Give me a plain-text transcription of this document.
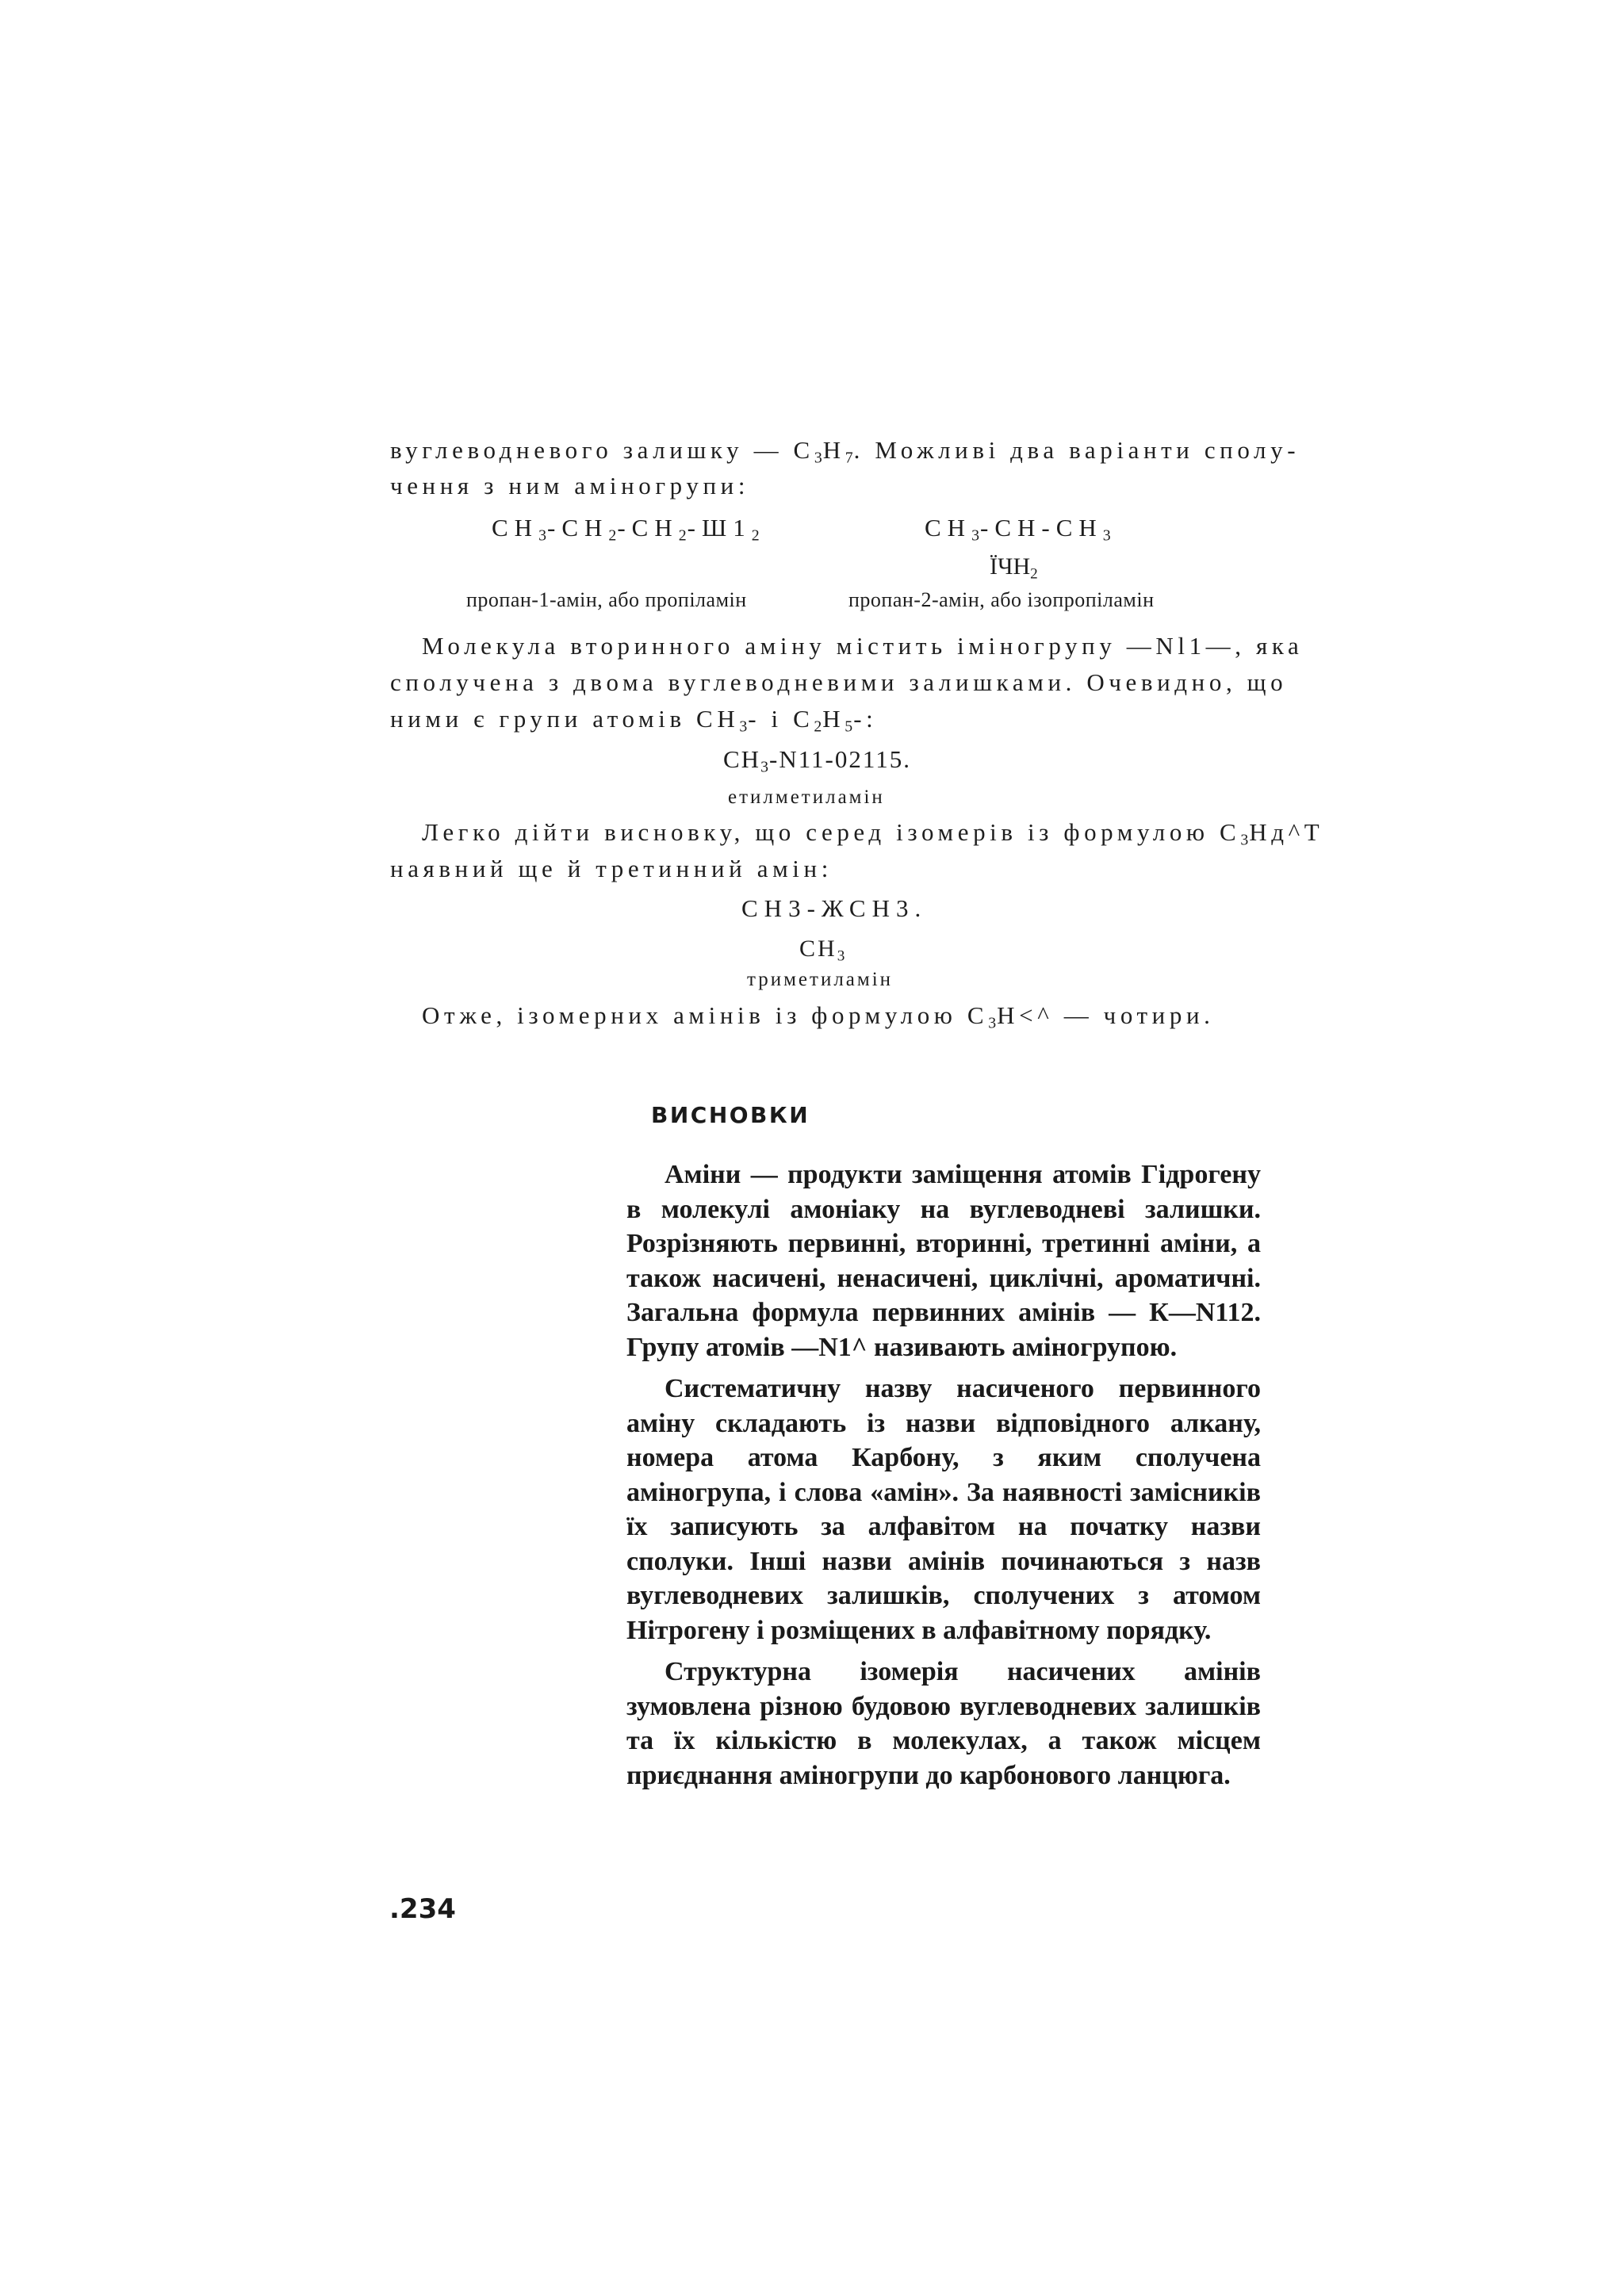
вуглеводневого залишку — $С_3Н_7$. Можливі два варіанти сполу-
чення з ним аміногрупи:
$СН_3-СН_2-СН_2-Ш1_2$	$СН_3-СН-СН_3$
$ЇЧН_2$
пропан-1-амін, або пропіламін	пропан-2-амін, або ізопропіламін
Молекула вторинного аміну містить іміногрупу —Nl1—, яка
сполучена з двома вуглеводневими залишками. Очевидно, що
ними є групи атомів $СН_3-$ і $С_2Н_5-$:
$СН_3-N11-02115$.
етилметиламін
Легко дійти висновку, що серед ізомерів із формулою $С_3Нд\^{}Т$
наявний ще й третинний амін:
СН3-ЖСН3.
$СН_3$
триметиламін
Отже, ізомерних амінів із формулою $С_3Н<\^{}$ — чотири.
ВИСНОВКИ

Аміни — продукти заміщення атомів Гідрогену в молекулі амоніаку на вуглеводневі залишки. Розрізняють первинні, вторинні, третинні аміни, а також насичені, ненасичені, циклічні, ароматичні. Загальна формула первинних амінів — К—N112. Групу атомів —N1^ називають аміногрупою.

Систематичну назву насиченого первинного аміну складають із назви відповідного алкану, номера атома Карбону, з яким сполучена аміногрупа, і слова «амін». За наявності замісників їх записують за алфавітом на початку назви сполуки. Інші назви амінів починаються з назв вуглеводневих залишків, сполучених з атомом Нітрогену і розміщених в алфавітному порядку.

Структурна ізомерія насичених амінів зумовлена різною будовою вуглеводневих залишків та їх кількістю в молекулах, а також місцем приєднання аміногрупи до карбонового ланцюга.

.234
